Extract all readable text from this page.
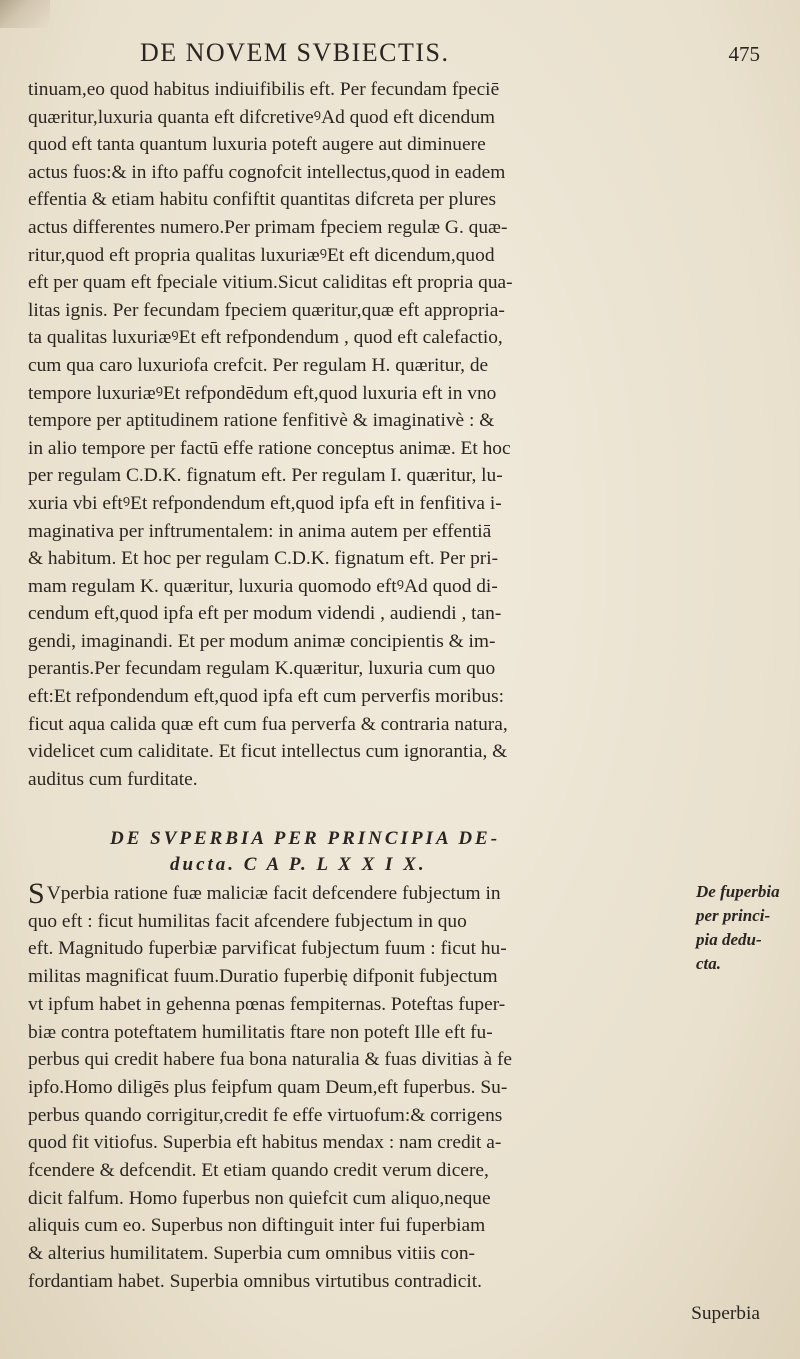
DE NOVEM SVBIECTIS.	475
tinuam,eo quod habitus indiuifibilis eft. Per fecundam fpeciē
quæritur,luxuria quanta eft difcretiveꝰAd quod eft dicendum
quod eft tanta quantum luxuria poteft augere aut diminuere
actus fuos:& in ifto paffu cognofcit intellectus,quod in eadem
effentia & etiam habitu confiftit quantitas difcreta per plures
actus differentes numero.Per primam fpeciem regulæ G. quæ-
ritur,quod eft propria qualitas luxuriæꝰEt eft dicendum,quod
eft per quam eft fpeciale vitium.Sicut caliditas eft propria qua-
litas ignis. Per fecundam fpeciem quæritur,quæ eft appropria-
ta qualitas luxuriæꝰEt eft refpondendum , quod eft calefactio,
cum qua caro luxuriofa crefcit. Per regulam H. quæritur, de
tempore luxuriæꝰEt refpondēdum eft,quod luxuria eft in vno
tempore per aptitudinem ratione fenfitivè & imaginativè : &
in alio tempore per factū effe ratione conceptus animæ. Et hoc
per regulam C.D.K. fignatum eft. Per regulam I. quæritur, lu-
xuria vbi eftꝰEt refpondendum eft,quod ipfa eft in fenfitiva i-
maginativa per inftrumentalem: in anima autem per effentiā
& habitum. Et hoc per regulam C.D.K. fignatum eft. Per pri-
mam regulam K. quæritur, luxuria quomodo eftꝰAd quod di-
cendum eft,quod ipfa eft per modum videndi , audiendi , tan-
gendi, imaginandi. Et per modum animæ concipientis & im-
perantis.Per fecundam regulam K.quæritur, luxuria cum quo
eft:Et refpondendum eft,quod ipfa eft cum perverfis moribus:
ficut aqua calida quæ eft cum fua perverfa & contraria natura,
videlicet cum caliditate. Et ficut intellectus cum ignorantia, &
auditus cum furditate.
DE SVPERBIA PER PRINCIPIA DE-
ducta. C A P. L X X I X.
S Vperbia ratione fuæ maliciæ facit defcendere fubjectum in
quo eft : ficut humilitas facit afcendere fubjectum in quo
eft. Magnitudo fuperbiæ parvificat fubjectum fuum : ficut hu-
militas magnificat fuum.Duratio fuperbię difponit fubjectum
vt ipfum habet in gehenna pœnas fempiternas. Poteftas fuper-
biæ contra poteftatem humilitatis ftare non poteft Ille eft fu-
perbus qui credit habere fua bona naturalia & fuas divitias à fe
ipfo.Homo diligēs plus feipfum quam Deum,eft fuperbus. Su-
perbus quando corrigitur,credit fe effe virtuofum:& corrigens
quod fit vitiofus. Superbia eft habitus mendax : nam credit a-
fcendere & defcendit. Et etiam quando credit verum dicere,
dicit falfum. Homo fuperbus non quiefcit cum aliquo,neque
aliquis cum eo. Superbus non diftinguit inter fui fuperbiam
& alterius humilitatem. Superbia cum omnibus vitiis con-
fordantiam habet. Superbia omnibus virtutibus contradicit.
De fuperbia
per princi-
pia dedu-
cta.
Superbia
